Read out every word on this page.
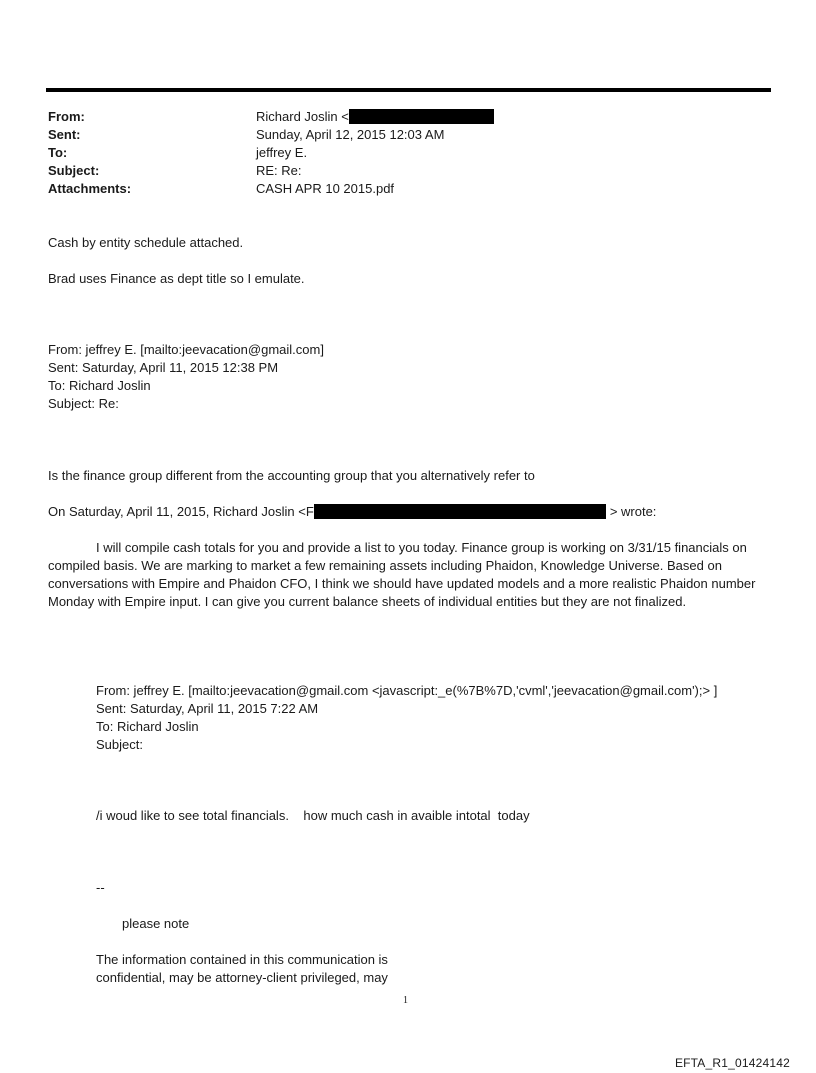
From:	Richard Joslin <
Sent:	Sunday, April 12, 2015 12:03 AM
To:	jeffrey E.
Subject:	RE: Re:
Attachments:	CASH APR 10 2015.pdf
Cash by entity schedule attached.
Brad uses Finance as dept title so I emulate.
From: jeffrey E. [mailto:jeevacation@gmail.com]
Sent: Saturday, April 11, 2015 12:38 PM
To: Richard Joslin
Subject: Re:
Is the finance group different from the accounting group that you alternatively refer to
On Saturday, April 11, 2015, Richard Joslin <F	> wrote:
I will compile cash totals for you and provide a list to you today. Finance group is working on 3/31/15 financials on compiled basis. We are marking to market a few remaining assets including Phaidon, Knowledge Universe. Based on conversations with Empire and Phaidon CFO, I think we should have updated models and a more realistic Phaidon number Monday with Empire input. I can give you current balance sheets of individual entities but they are not finalized.
From: jeffrey E. [mailto:jeevacation@gmail.com <javascript:_e(%7B%7D,'cvml','jeevacation@gmail.com');> ]
Sent: Saturday, April 11, 2015 7:22 AM
To: Richard Joslin
Subject:
/i woud like to see total financials.    how much cash in avaible intotal  today
--
please note
The information contained in this communication is
confidential, may be attorney-client privileged, may
1
EFTA_R1_01424142
